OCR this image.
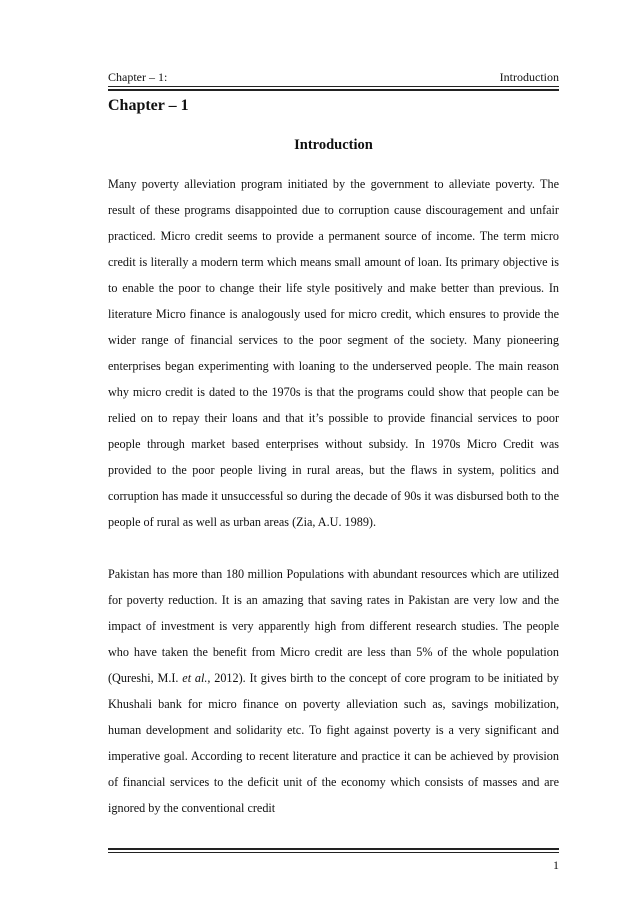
Chapter – 1:	Introduction
Chapter – 1
Introduction

Many poverty alleviation program initiated by the government to alleviate poverty. The result of these programs disappointed due to corruption cause discouragement and unfair practiced. Micro credit seems to provide a permanent source of income. The term micro credit is literally a modern term which means small amount of loan. Its primary objective is to enable the poor to change their life style positively and make better than previous. In literature Micro finance is analogously used for micro credit, which ensures to provide the wider range of financial services to the poor segment of the society. Many pioneering enterprises began experimenting with loaning to the underserved people. The main reason why micro credit is dated to the 1970s is that the programs could show that people can be relied on to repay their loans and that it’s possible to provide financial services to poor people through market based enterprises without subsidy. In 1970s Micro Credit was provided to the poor people living in rural areas, but the flaws in system, politics and corruption has made it unsuccessful so during the decade of 90s it was disbursed both to the people of rural as well as urban areas (Zia, A.U. 1989).

Pakistan has more than 180 million Populations with abundant resources which are utilized for poverty reduction. It is an amazing that saving rates in Pakistan are very low and the impact of investment is very apparently high from different research studies. The people who have taken the benefit from Micro credit are less than 5% of the whole population (Qureshi, M.I. et al., 2012). It gives birth to the concept of core program to be initiated by Khushali bank for micro finance on poverty alleviation such as, savings mobilization, human development and solidarity etc. To fight against poverty is a very significant and imperative goal. According to recent literature and practice it can be achieved by provision of financial services to the deficit unit of the economy which consists of masses and are ignored by the conventional credit

1
